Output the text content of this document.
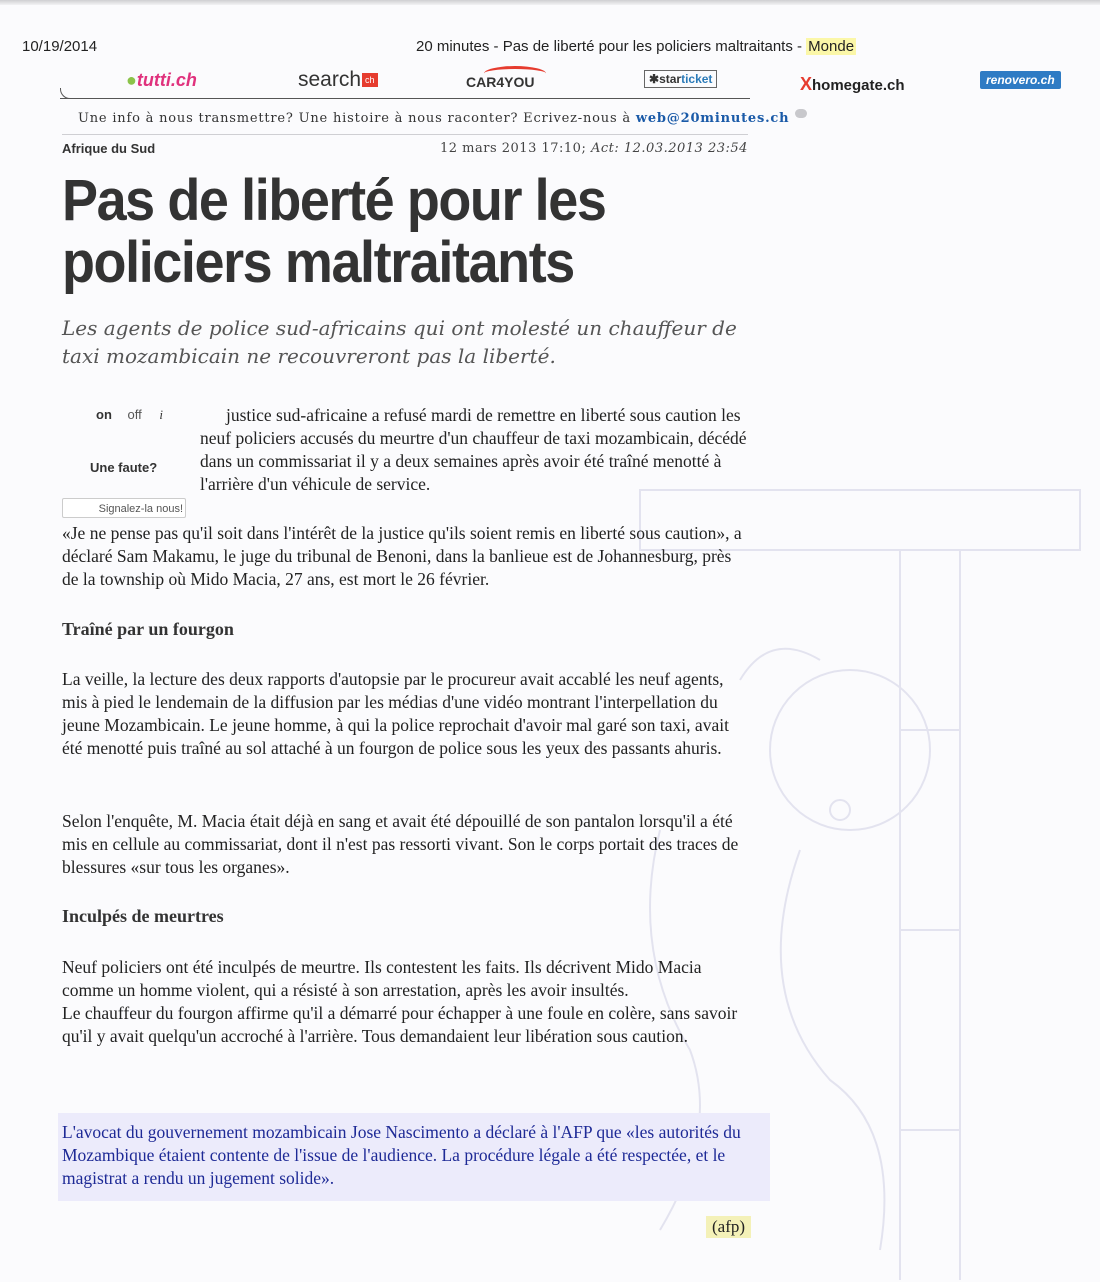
10/19/2014	20 minutes - Pas de liberté pour les policiers maltraitants - Monde
●tutti.ch	search ch	CAR4YOU	✱starticket	Xhomegate.ch	renovero.ch
Une info à nous transmettre? Une histoire à nous raconter? Ecrivez-nous à web@20minutes.ch
Afrique du Sud	12 mars 2013 17:10; Act: 12.03.2013 23:54
Pas de liberté pour les policiers maltraitants

Les agents de police sud-africains qui ont molesté un chauffeur de taxi mozambicain ne recouvreront pas la liberté.

on off i
Une faute?
Signalez-la nous!

justice sud-africaine a refusé mardi de remettre en liberté sous caution les neuf policiers accusés du meurtre d'un chauffeur de taxi mozambicain, décédé dans un commissariat il y a deux semaines après avoir été traîné menotté à l'arrière d'un véhicule de service.

«Je ne pense pas qu'il soit dans l'intérêt de la justice qu'ils soient remis en liberté sous caution», a déclaré Sam Makamu, le juge du tribunal de Benoni, dans la banlieue est de Johannesburg, près de la township où Mido Macia, 27 ans, est mort le 26 février.

Traîné par un fourgon

La veille, la lecture des deux rapports d'autopsie par le procureur avait accablé les neuf agents, mis à pied le lendemain de la diffusion par les médias d'une vidéo montrant l'interpellation du jeune Mozambicain. Le jeune homme, à qui la police reprochait d'avoir mal garé son taxi, avait été menotté puis traîné au sol attaché à un fourgon de police sous les yeux des passants ahuris.

Selon l'enquête, M. Macia était déjà en sang et avait été dépouillé de son pantalon lorsqu'il a été mis en cellule au commissariat, dont il n'est pas ressorti vivant. Son le corps portait des traces de blessures «sur tous les organes».

Inculpés de meurtres
Neuf policiers ont été inculpés de meurtre. Ils contestent les faits. Ils décrivent Mido Macia comme un homme violent, qui a résisté à son arrestation, après les avoir insultés.
Le chauffeur du fourgon affirme qu'il a démarré pour échapper à une foule en colère, sans savoir qu'il y avait quelqu'un accroché à l'arrière. Tous demandaient leur libération sous caution.

L'avocat du gouvernement mozambicain Jose Nascimento a déclaré à l'AFP que «les autorités du Mozambique étaient contente de l'issue de l'audience. La procédure légale a été respectée, et le magistrat a rendu un jugement solide».

(afp)
